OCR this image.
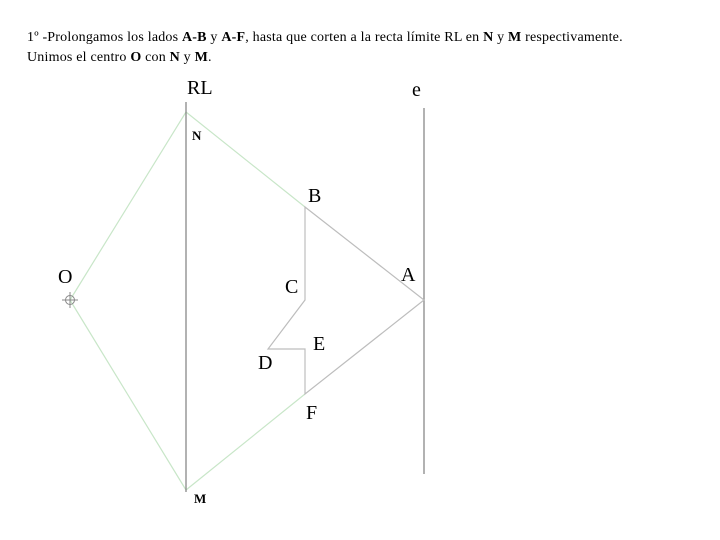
1º -Prolongamos los lados A-B y A-F, hasta que corten a la recta límite RL en N y M respectivamente.
Unimos el centro O con N y M.
RL	e
N
M
O	A
B
C
D
E
F
